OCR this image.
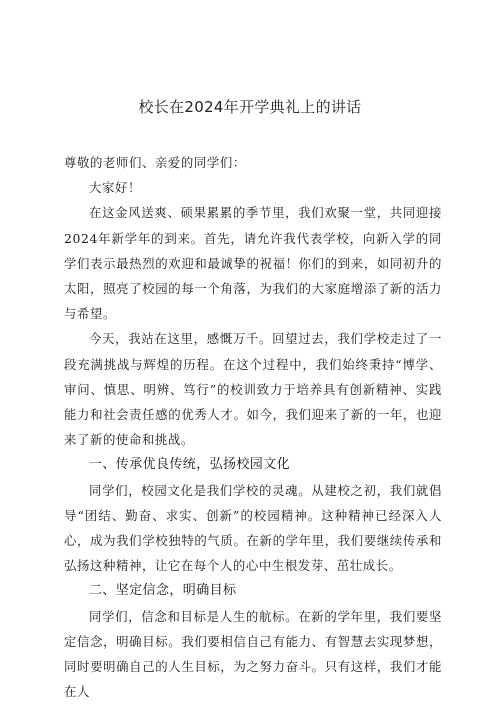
校长在2024年开学典礼上的讲话
尊敬的老师们、亲爱的同学们：

大家好！

在这金风送爽、硕果累累的季节里，我们欢聚一堂，共同迎接2024年新学年的到来。首先，请允许我代表学校，向新入学的同学们表示最热烈的欢迎和最诚挚的祝福！你们的到来，如同初升的太阳，照亮了校园的每一个角落，为我们的大家庭增添了新的活力与希望。

今天，我站在这里，感慨万千。回望过去，我们学校走过了一段充满挑战与辉煌的历程。在这个过程中，我们始终秉持“博学、审问、慎思、明辨、笃行”的校训致力于培养具有创新精神、实践能力和社会责任感的优秀人才。如今，我们迎来了新的一年，也迎来了新的使命和挑战。

一、传承优良传统，弘扬校园文化

同学们，校园文化是我们学校的灵魂。从建校之初，我们就倡导“团结、勤奋、求实、创新”的校园精神。这种精神已经深入人心，成为我们学校独特的气质。在新的学年里，我们要继续传承和弘扬这种精神，让它在每个人的心中生根发芽、茁壮成长。

二、坚定信念，明确目标

同学们，信念和目标是人生的航标。在新的学年里，我们要坚定信念，明确目标。我们要相信自己有能力、有智慧去实现梦想，同时要明确自己的人生目标，为之努力奋斗。只有这样，我们才能在人
